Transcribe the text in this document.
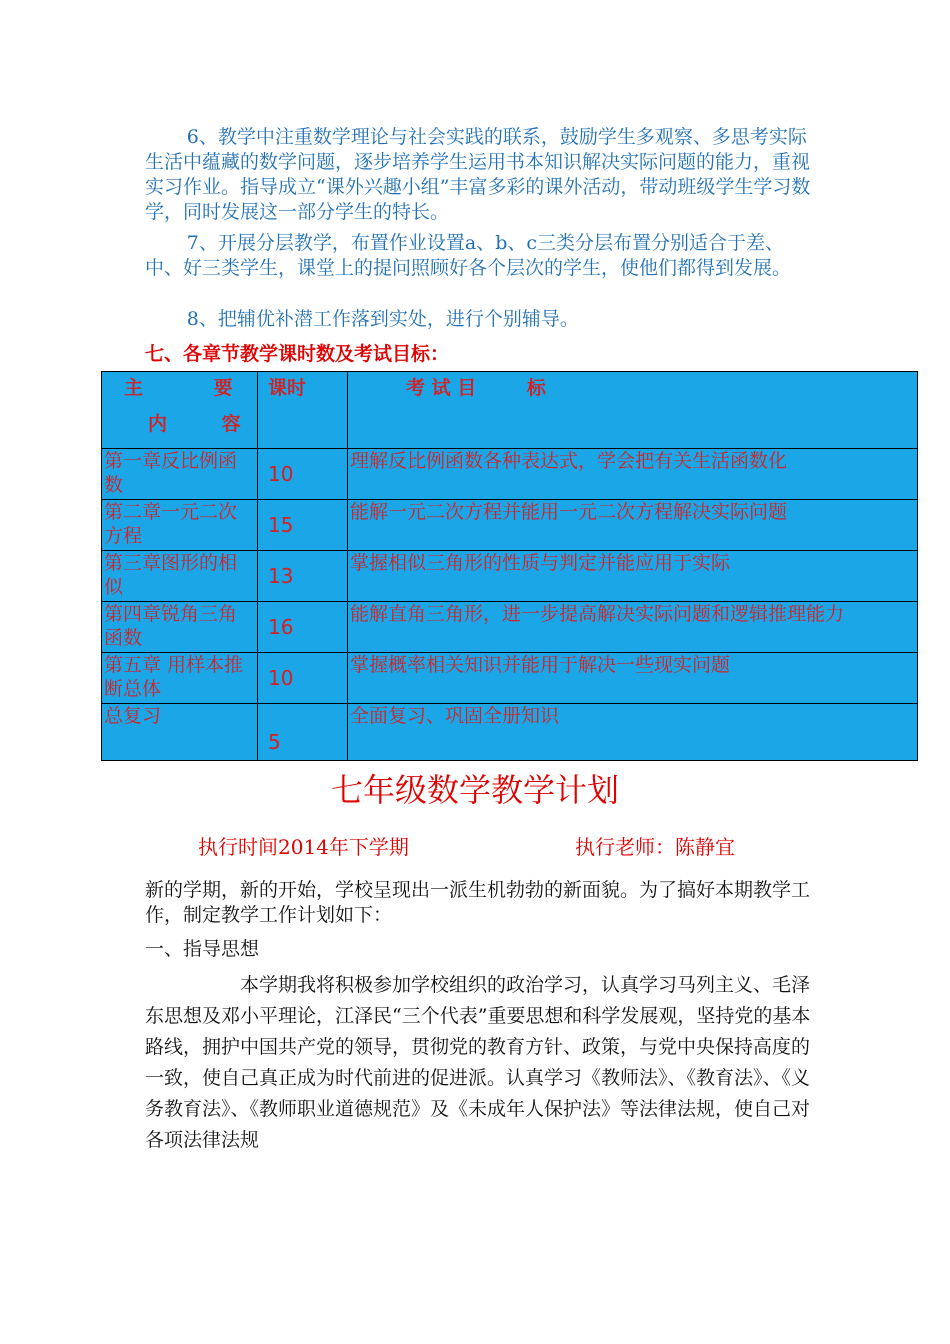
6、教学中注重数学理论与社会实践的联系，鼓励学生多观察、多思考实际生活中蕴藏的数学问题，逐步培养学生运用书本知识解决实际问题的能力，重视实习作业。指导成立“课外兴趣小组”丰富多彩的课外活动，带动班级学生学习数学，同时发展这一部分学生的特长。

7、开展分层教学，布置作业设置a、b、c三类分层布置分别适合于差、中、好三类学生，课堂上的提问照顾好各个层次的学生，使他们都得到发展。

8、把辅优补潜工作落到实处，进行个别辅导。

七、各章节教学课时数及考试目标：
主 要
内 容	课时	考 试 目 标

第一章反比例函数	10	理解反比例函数各种表达式，学会把有关生活函数化
第二章一元二次方程	15	能解一元二次方程并能用一元二次方程解决实际问题
第三章图形的相似	13	掌握相似三角形的性质与判定并能应用于实际
第四章锐角三角函数	16	能解直角三角形，进一步提高解决实际问题和逻辑推理能力
第五章 用样本推断总体	10	掌握概率相关知识并能用于解决一些现实问题
总复习	5	全面复习、巩固全册知识
七年级数学教学计划
执行时间2014年下学期	执行老师：陈静宜
新的学期，新的开始，学校呈现出一派生机勃勃的新面貌。为了搞好本期教学工作，制定教学工作计划如下：
一、指导思想

本学期我将积极参加学校组织的政治学习，认真学习马列主义、毛泽东思想及邓小平理论，江泽民“三个代表”重要思想和科学发展观，坚持党的基本路线，拥护中国共产党的领导，贯彻党的教育方针、政策，与党中央保持高度的一致，使自己真正成为时代前进的促进派。认真学习《教师法》、《教育法》、《义务教育法》、《教师职业道德规范》及《未成年人保护法》等法律法规，使自己对各项法律法规
